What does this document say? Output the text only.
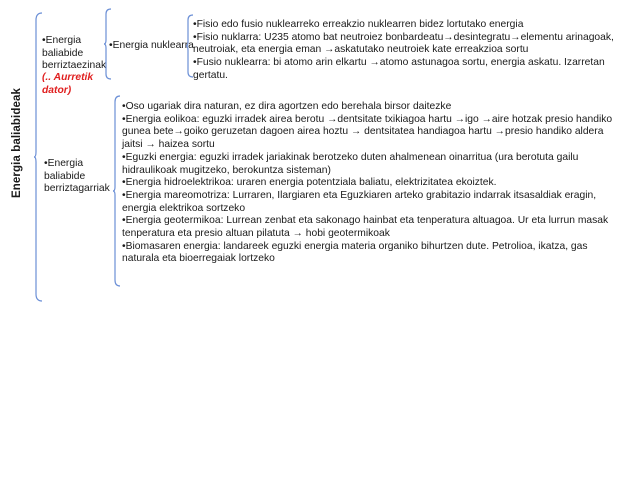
Energia baliabideak
•Energia
baliabide
berriztaezinak
(.. Aurretik
dator)
•Energia nuklearra
•Fisio edo fusio nuklearreko erreakzio nuklearren bidez lortutako energia
•Fisio nuklarra: U235 atomo bat neutroiez bonbardeatu→desintegratu→elementu arinagoak, neutroiak, eta energia eman →askatutako neutroiek kate erreakzioa sortu
•Fusio nuklearra: bi atomo arin elkartu →atomo astunagoa sortu, energia askatu. Izarretan gertatu.
•Energia
baliabide
berriztagarriak
•Oso ugariak dira naturan, ez dira agortzen edo berehala birsor daitezke
•Energia eolikoa: eguzki irradek airea berotu →dentsitate txikiagoa hartu →igo →aire hotzak presio handiko gunea bete→goiko geruzetan dagoen airea hoztu → dentsitatea handiagoa hartu →presio handiko aldera jaitsi → haizea sortu
•Eguzki energia: eguzki irradek jariakinak berotzeko duten ahalmenean oinarritua (ura berotuta gailu hidraulikoak mugitzeko, berokuntza sisteman)
•Energia hidroelektrikoa: uraren energia potentziala baliatu, elektrizitatea ekoiztek.
•Energia mareomotriza: Lurraren, Ilargiaren eta Eguzkiaren arteko grabitazio indarrak itsasaldiak eragin, energia elektrikoa sortzeko
•Energia geotermikoa: Lurrean zenbat eta sakonago hainbat eta tenperatura altuagoa. Ur eta lurrun masak tenperatura eta presio altuan pilatuta → hobi geotermikoak
•Biomasaren energia: landareek eguzki energia materia organiko bihurtzen dute. Petrolioa, ikatza, gas naturala eta bioerregaiak lortzeko
